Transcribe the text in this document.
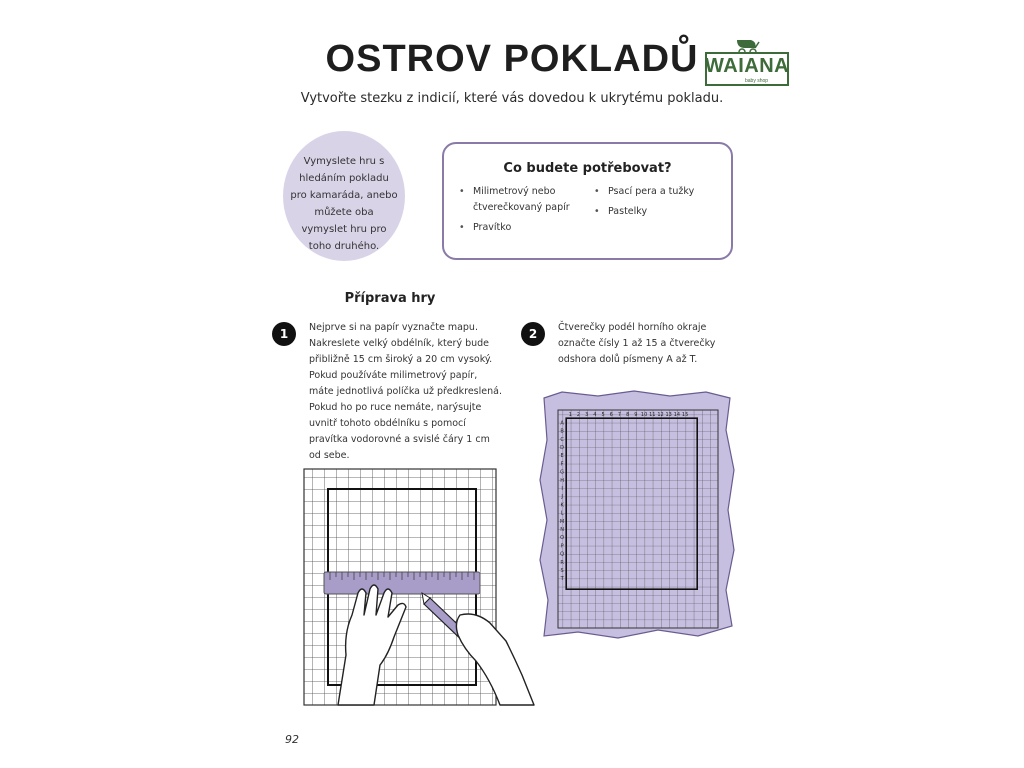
OSTROV POKLADŮ
Vytvořte stezku z indicií, které vás dovedou k ukrytému pokladu.
WAIANA
baby shop
Vymyslete hru s hledáním pokladu pro kamaráda, anebo můžete oba vymyslet hru pro toho druhého.
Co budete potřebovat?
• Milimetrový nebo čtverečkovaný papír
• Pravítko
• Psací pera a tužky
• Pastelky
Příprava hry
1	Nejprve si na papír vyznačte mapu. Nakreslete velký obdélník, který bude přibližně 15 cm široký a 20 cm vysoký. Pokud používáte milimetrový papír, máte jednotlivá políčka už předkreslená. Pokud ho po ruce nemáte, narýsujte uvnitř tohoto obdélníku s pomocí pravítka vodorovné a svislé čáry 1 cm od sebe.
2	Čtverečky podél horního okraje označte čísly 1 až 15 a čtverečky odshora dolů písmeny A až T.
1 2 3 4 5 6 7 8 9 10 11 12 13 14 15
A
B
C
D
E
F
G
H
I
J
K
L
M
N
O
P
Q
R
S
T
92
